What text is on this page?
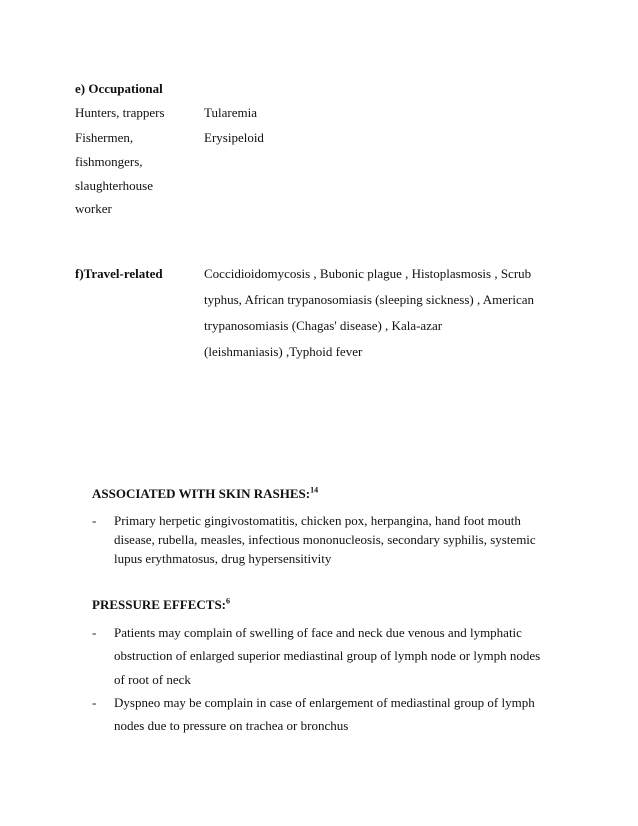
e) Occupational
Hunters, trappers	Tularemia
Fishermen,
fishmongers,
slaughterhouse
worker
Erysipeloid
f)Travel-related	Coccidioidomycosis , Bubonic plague , Histoplasmosis , Scrub
typhus, African trypanosomiasis (sleeping sickness) , American
trypanosomiasis (Chagas' disease) , Kala-azar
(leishmaniasis) ,Typhoid fever
ASSOCIATED WITH SKIN RASHES:$^{14}$
- Primary herpetic gingivostomatitis, chicken pox, herpangina, hand foot mouth
disease, rubella, measles, infectious mononucleosis, secondary syphilis, systemic
lupus erythmatosus, drug hypersensitivity
PRESSURE EFFECTS:$^6$
- Patients may complain of swelling of face and neck due venous and lymphatic
obstruction of enlarged superior mediastinal group of lymph node or lymph nodes
of root of neck
- Dyspneo may be complain in case of enlargement of mediastinal group of lymph
nodes due to pressure on trachea or bronchus
